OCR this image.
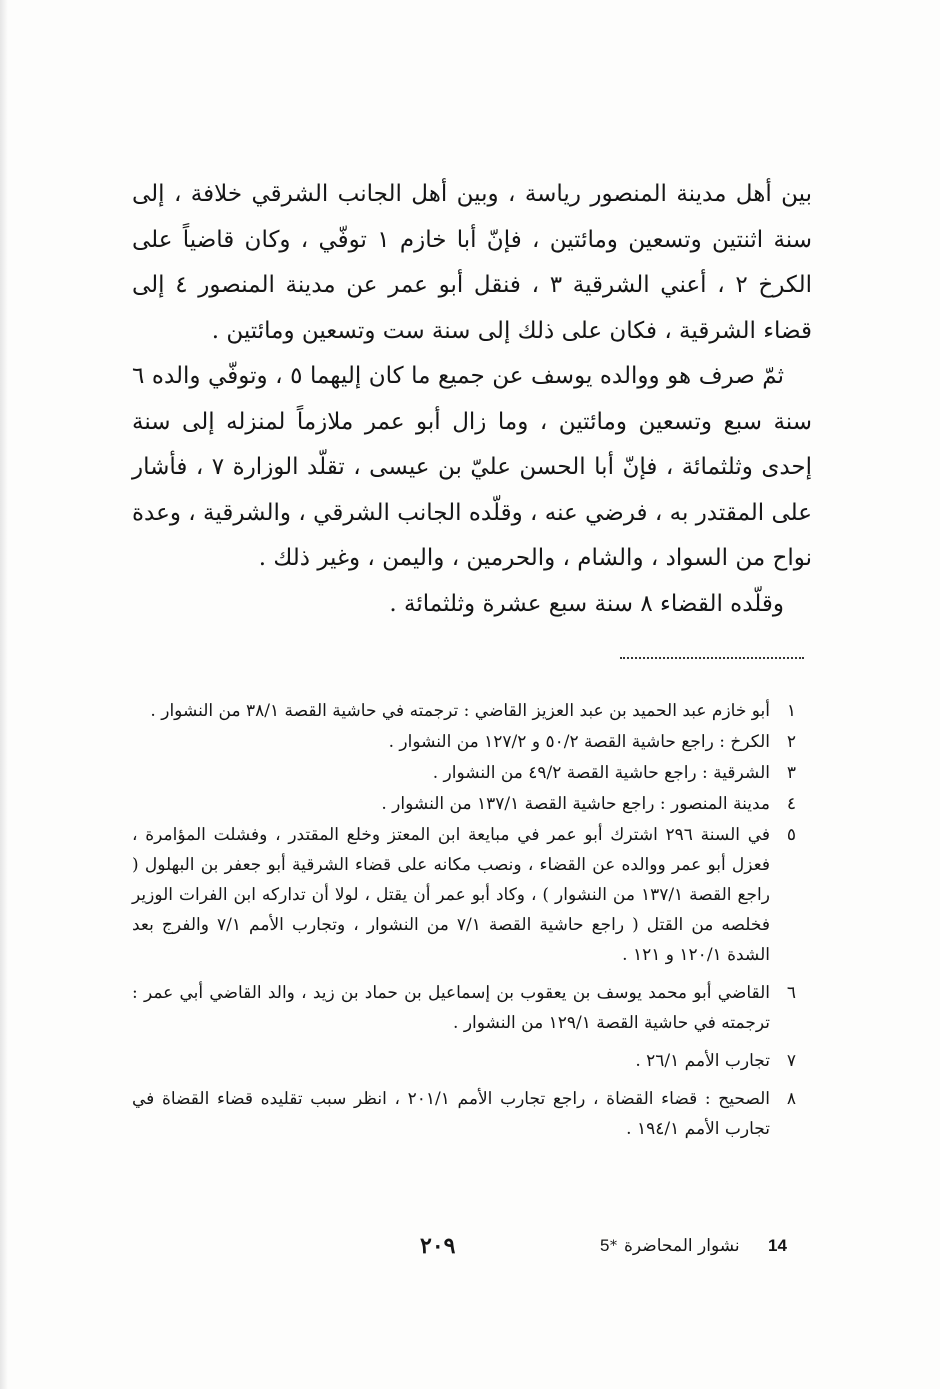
بين أهل مدينة المنصور رياسة ، وبين أهل الجانب الشرقي خلافة ، إلى سنة اثنتين وتسعين ومائتين ، فإنّ أبا خازم ١ توفّي ، وكان قاضياً على الكرخ ٢ ، أعني الشرقية ٣ ، فنقل أبو عمر عن مدينة المنصور ٤ إلى قضاء الشرقية ، فكان على ذلك إلى سنة ست وتسعين ومائتين .

ثمّ صرف هو ووالده يوسف عن جميع ما كان إليهما ٥ ، وتوفّي والده ٦ سنة سبع وتسعين ومائتين ، وما زال أبو عمر ملازماً لمنزله إلى سنة إحدى وثلثمائة ، فإنّ أبا الحسن عليّ بن عيسى ، تقلّد الوزارة ٧ ، فأشار على المقتدر به ، فرضي عنه ، وقلّده الجانب الشرقي ، والشرقية ، وعدة نواح من السواد ، والشام ، والحرمين ، واليمن ، وغير ذلك .

وقلّده القضاء ٨ سنة سبع عشرة وثلثمائة .

١
أبو خازم عبد الحميد بن عبد العزيز القاضي : ترجمته في حاشية القصة ٣٨/١ من النشوار .
٢
الكرخ : راجع حاشية القصة ٥٠/٢ و ١٢٧/٢ من النشوار .
٣
الشرقية : راجع حاشية القصة ٤٩/٢ من النشوار .
٤
مدينة المنصور : راجع حاشية القصة ١٣٧/١ من النشوار .
٥
في السنة ٢٩٦ اشترك أبو عمر في مبايعة ابن المعتز وخلع المقتدر ، وفشلت المؤامرة ، فعزل أبو عمر ووالده عن القضاء ، ونصب مكانه على قضاء الشرقية أبو جعفر بن البهلول ( راجع القصة ١٣٧/١ من النشوار ) ، وكاد أبو عمر أن يقتل ، لولا أن تداركه ابن الفرات الوزير فخلصه من القتل ( راجع حاشية القصة ٧/١ من النشوار ، وتجارب الأمم ٧/١ والفرج بعد الشدة ١٢٠/١ و ١٢١ .
٦
القاضي أبو محمد يوسف بن يعقوب بن إسماعيل بن حماد بن زيد ، والد القاضي أبي عمر : ترجمته في حاشية القصة ١٢٩/١ من النشوار .
٧
تجارب الأمم ٢٦/١ .
٨
الصحيح : قضاء القضاة ، راجع تجارب الأمم ٢٠١/١ ، انظر سبب تقليده قضاء القضاة في تجارب الأمم ١٩٤/١ .
٢٠٩	5 * نشوار المحاضرة 14
